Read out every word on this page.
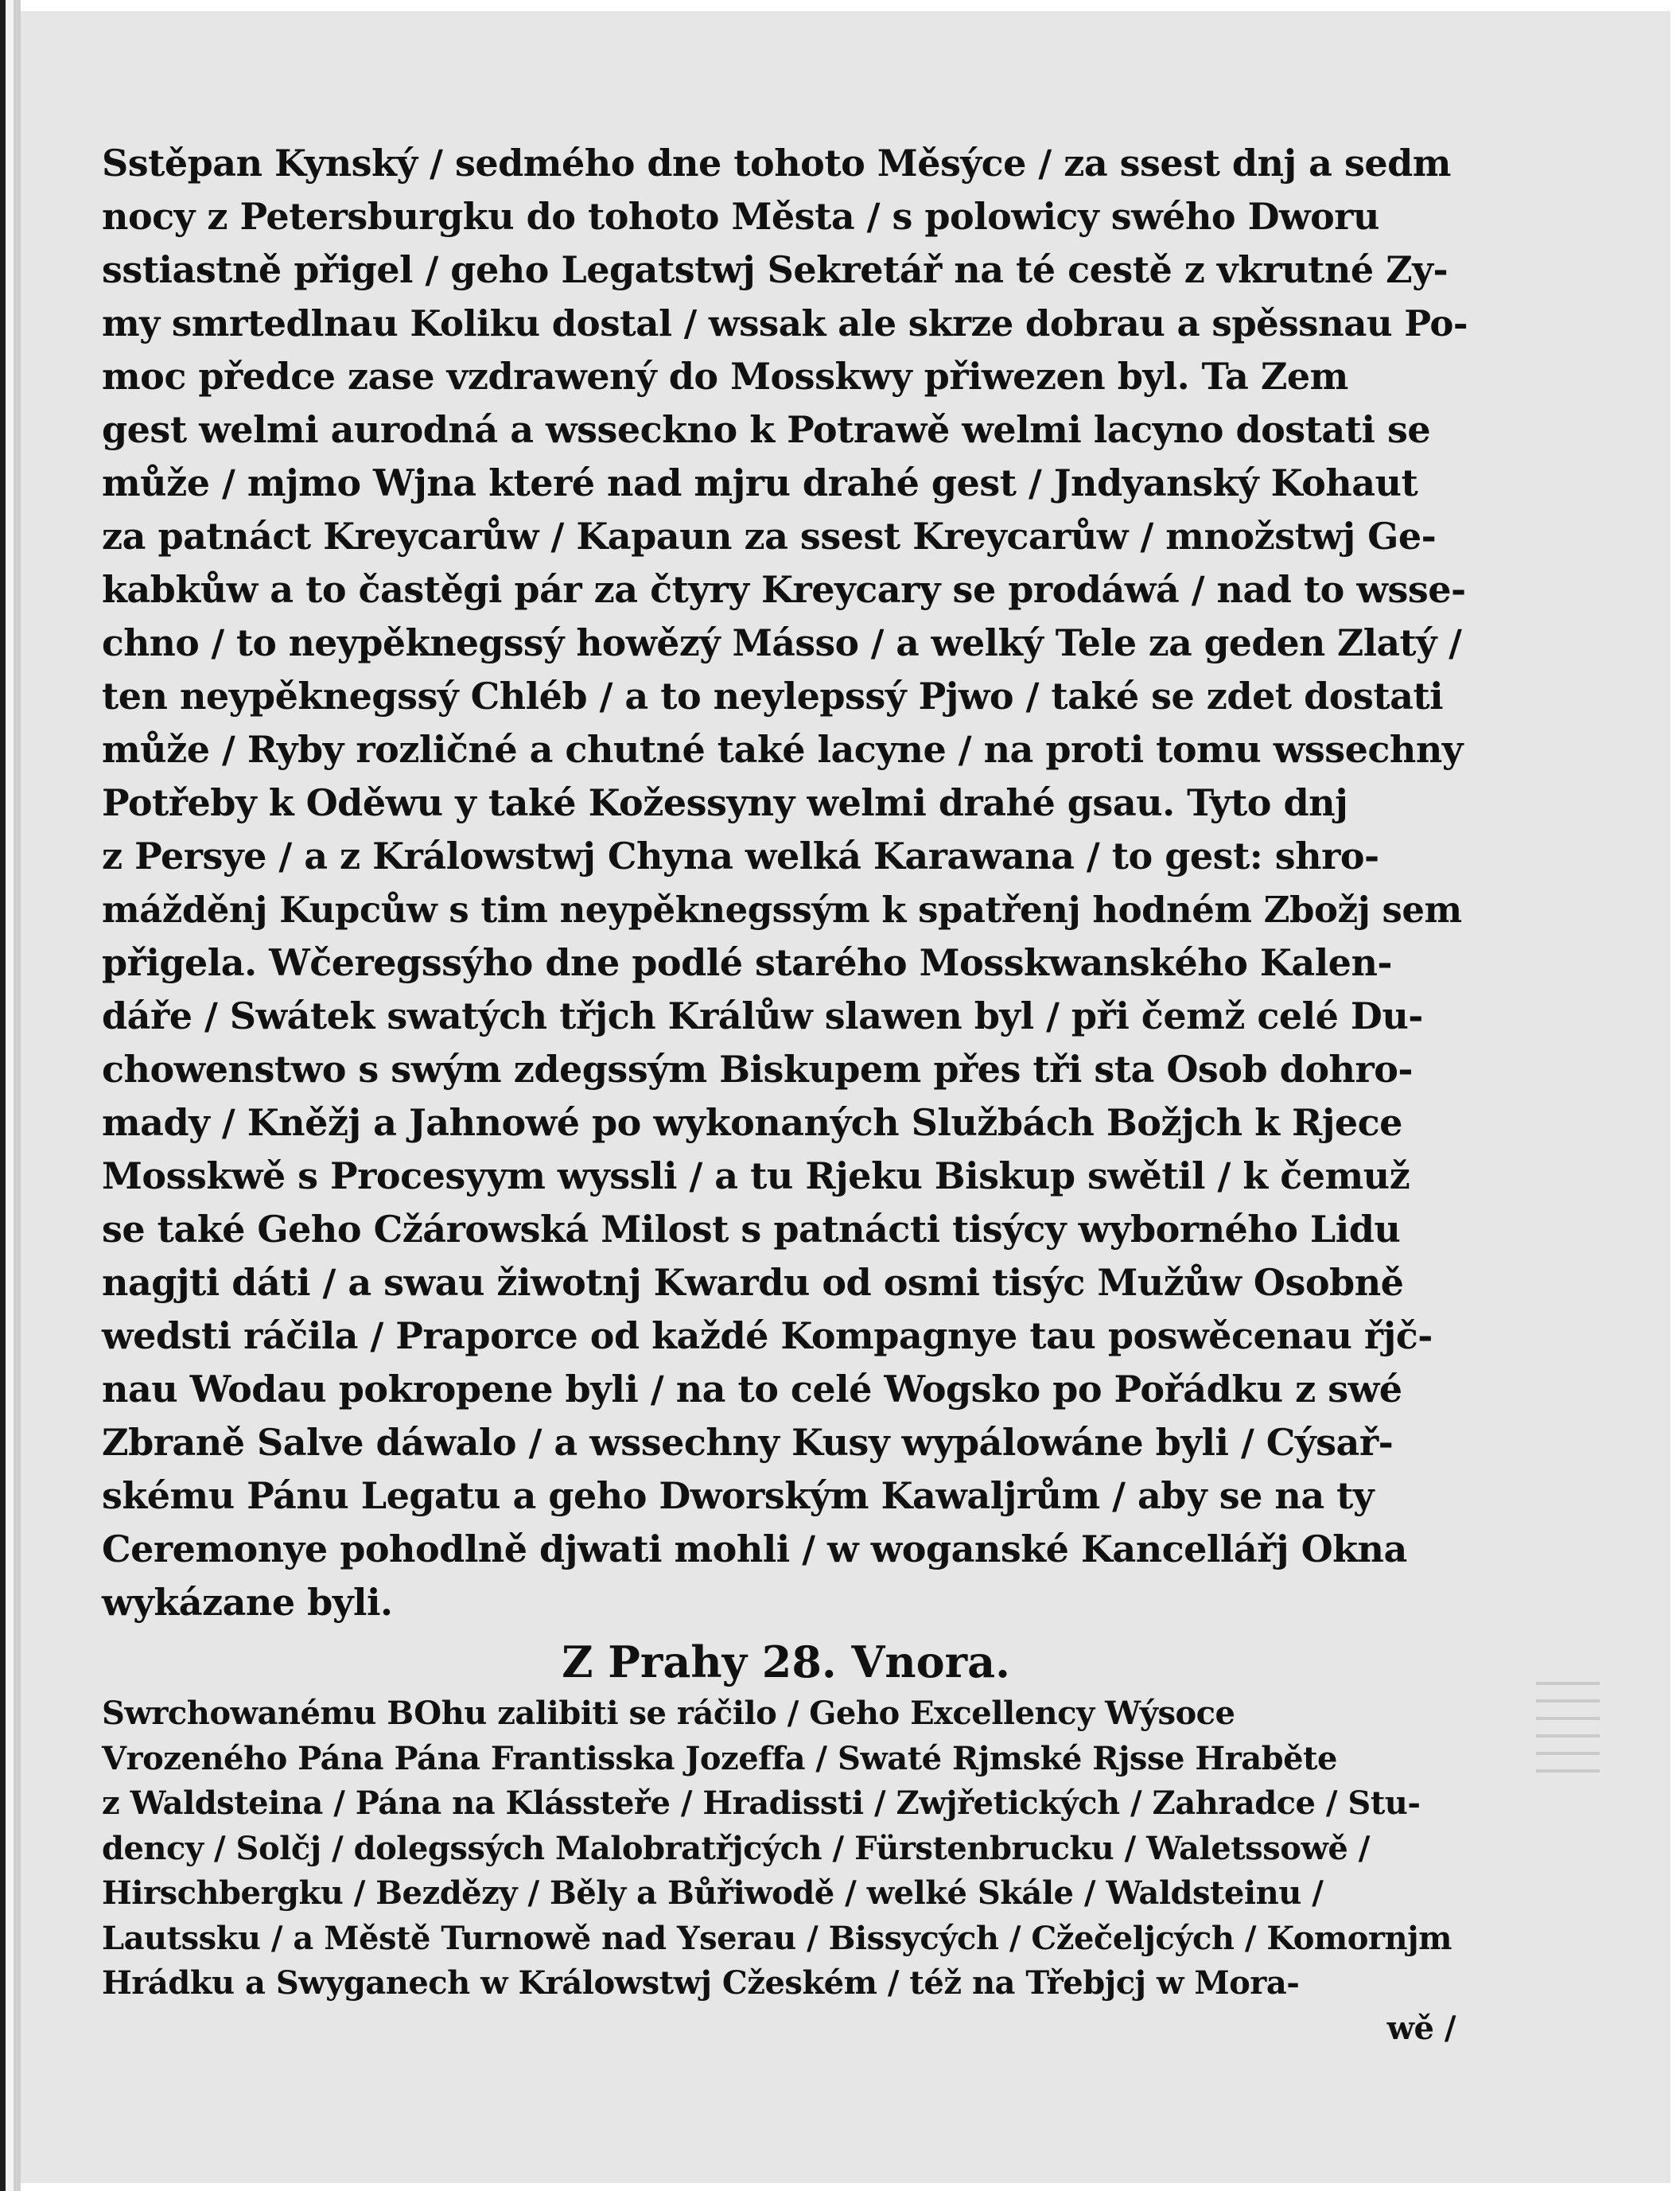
Sstěpan Kynský / sedmého dne tohoto Měsýce / za ssest dnj a sedm
nocy z Petersburgku do tohoto Města / s polowicy swého Dworu
sstiastně přigel / geho Legatstwj Sekretář na té cestě z vkrutné Zy-
my smrtedlnau Koliku dostal / wssak ale skrze dobrau a spěssnau Po-
moc předce zase vzdrawený do Mosskwy přiwezen byl. Ta Zem
gest welmi aurodná a wsseckno k Potrawě welmi lacyno dostati se
může / mjmo Wjna které nad mjru drahé gest / Jndyanský Kohaut
za patnáct Kreycarůw / Kapaun za ssest Kreycarůw / množstwj Ge-
kabkůw a to častěgi pár za čtyry Kreycary se prodáwá / nad to wsse-
chno / to neypěknegssý howězý Másso / a welký Tele za geden Zlatý /
ten neypěknegssý Chléb / a to neylepssý Pjwo / také se zdet dostati
může / Ryby rozličné a chutné také lacyne / na proti tomu wssechny
Potřeby k Oděwu y také Kožessyny welmi drahé gsau. Tyto dnj
z Persye / a z Králowstwj Chyna welká Karawana / to gest: shro-
mážděnj Kupcůw s tim neypěknegssým k spatřenj hodném Zbožj sem
přigela. Wčeregssýho dne podlé starého Mosskwanského Kalen-
dáře / Swátek swatých třjch Králůw slawen byl / při čemž celé Du-
chowenstwo s swým zdegssým Biskupem přes tři sta Osob dohro-
mady / Kněžj a Jahnowé po wykonaných Službách Božjch k Rjece
Mosskwě s Procesyym wyssli / a tu Rjeku Biskup swětil / k čemuž
se také Geho Cžárowská Milost s patnácti tisýcy wyborného Lidu
nagjti dáti / a swau žiwotnj Kwardu od osmi tisýc Mužůw Osobně
wedsti ráčila / Praporce od každé Kompagnye tau poswěcenau řjč-
nau Wodau pokropene byli / na to celé Wogsko po Pořádku z swé
Zbraně Salve dáwalo / a wssechny Kusy wypálowáne byli / Cýsař-
skému Pánu Legatu a geho Dworským Kawaljrům / aby se na ty
Ceremonye pohodlně djwati mohli / w woganské Kancellářj Okna
wykázane byli.
Z Prahy 28. Vnora.
Swrchowanému BOhu zalibiti se ráčilo / Geho Excellency Wýsoce
Vrozeného Pána Pána Frantisska Jozeffa / Swaté Rjmské Rjsse Hraběte
z Waldsteina / Pána na Klássteře / Hradissti / Zwjřetických / Zahradce / Stu-
dency / Solčj / dolegssých Malobratřjcých / Fürstenbrucku / Waletssowě /
Hirschbergku / Bezdězy / Běly a Bůřiwodě / welké Skále / Waldsteinu /
Lautssku / a Městě Turnowě nad Yserau / Bissycých / Cžečeljcých / Komornjm
Hrádku a Swyganech w Králowstwj Cžeském / též na Třebjcj w Mora-
wě /
